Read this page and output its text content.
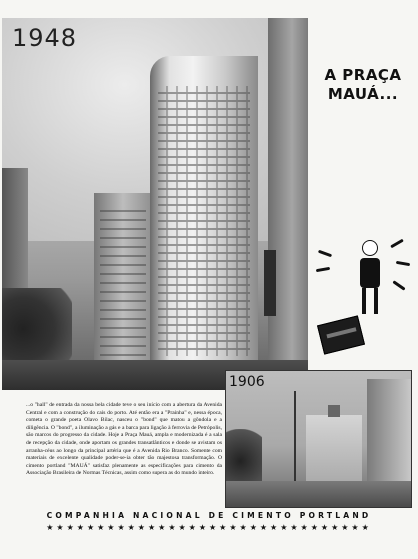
1948
A PRAÇA
MAUÁ...

...o "hall" de entrada da nossa bela cidade teve o seu início com a abertura da Avenida Central e com a construção do cais do porto. Até então era a "Prainha" e, nessa época, cometa o grande poeta Olavo Bilac, nasceu o "bond" que matou a gôndola e a diligência. O "bond", a iluminação a gás e a barca para ligação à ferrovia de Petrópolis, são marcos do progresso da cidade. Hoje a Praça Mauá, ampla e modernizada é a sala de recepção da cidade, onde aportam os grandes transatlânticos e donde se avistam os arranha-céus ao longo da principal artéria que é a Avenida Rio Branco. Somente com materiais de excelente qualidade poder-se-ia obter tão majestosa transformação. O cimento portland "MAUÁ" satisfaz plenamente as especificações para cimento da Associação Brasileira de Normas Técnicas, assim como supera as do mundo inteiro.

1906
COMPANHIA NACIONAL DE CIMENTO PORTLAND
★★★★★★★★★★★★★★★★★★★★★★★★★★★★★★★★
